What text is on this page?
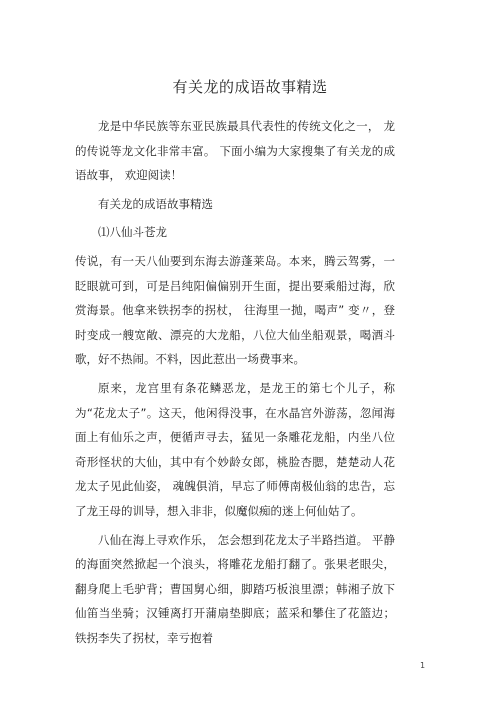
有关龙的成语故事精选

龙是中华民族等东亚民族最具代表性的传统文化之一， 龙的传说等龙文化非常丰富。 下面小编为大家搜集了有关龙的成语故事， 欢迎阅读！

有关龙的成语故事精选

⑴八仙斗苍龙

传说，有一天八仙要到东海去游蓬莱岛。本来，腾云驾雾，一眨眼就可到，可是吕纯阳偏偏别开生面，提出要乘船过海，欣赏海景。他拿来铁拐李的拐杖， 往海里一抛，喝声” 变〃，登时变成一艘宽敞、漂亮的大龙船，八位大仙坐船观景，喝酒斗歌，好不热闹。不料，因此惹出一场费事来。

原来，龙宫里有条花鳞恶龙，是龙王的第七个儿子，称为“花龙太子”。这天，他闲得没事，在水晶宫外游荡，忽闻海面上有仙乐之声，便循声寻去，猛见一条雕花龙船，内坐八位奇形怪状的大仙，其中有个妙龄女郎，桃脸杏腮，楚楚动人花龙太子见此仙姿， 魂魄俱消，早忘了师傅南极仙翁的忠告，忘了龙王母的训导，想入非非，似魔似痴的迷上何仙姑了。

八仙在海上寻欢作乐， 怎会想到花龙太子半路挡道。 平静的海面突然掀起一个浪头，将雕花龙船打翻了。张果老眼尖，翻身爬上毛驴背；曹国舅心细，脚踏巧板浪里漂；韩湘子放下仙笛当坐骑；汉锺离打开蒲扇垫脚底；蓝采和攀住了花篮边；铁拐李失了拐杖，幸亏抱着

1
